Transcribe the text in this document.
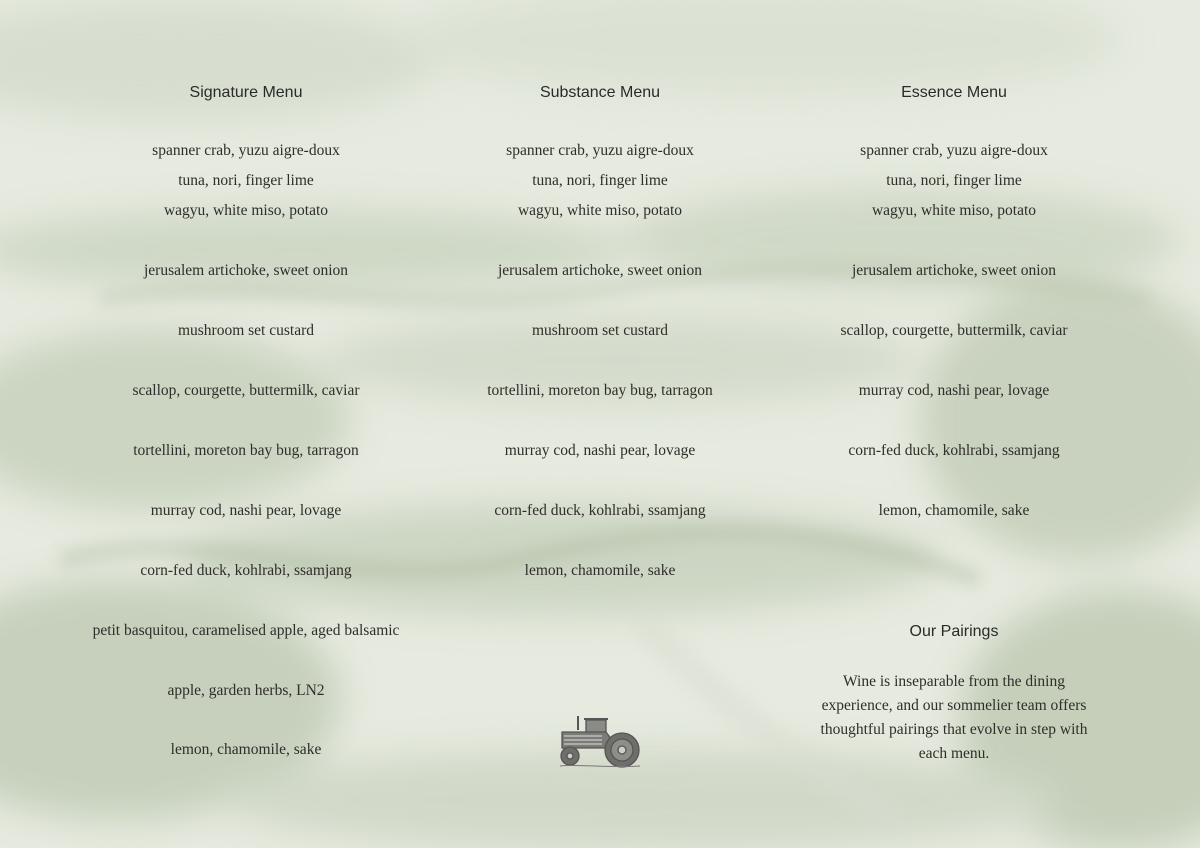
Signature Menu
spanner crab, yuzu aigre-doux
tuna, nori, finger lime
wagyu, white miso, potato
jerusalem artichoke, sweet onion
mushroom set custard
scallop, courgette, buttermilk, caviar
tortellini, moreton bay bug, tarragon
murray cod, nashi pear, lovage
corn-fed duck, kohlrabi, ssamjang
petit basquitou, caramelised apple, aged balsamic
apple, garden herbs, LN2
lemon, chamomile, sake
Substance Menu
spanner crab, yuzu aigre-doux
tuna, nori, finger lime
wagyu, white miso, potato
jerusalem artichoke, sweet onion
mushroom set custard
tortellini, moreton bay bug, tarragon
murray cod, nashi pear, lovage
corn-fed duck, kohlrabi, ssamjang
lemon, chamomile, sake
Essence Menu
spanner crab, yuzu aigre-doux
tuna, nori, finger lime
wagyu, white miso, potato
jerusalem artichoke, sweet onion
scallop, courgette, buttermilk, caviar
murray cod, nashi pear, lovage
corn-fed duck, kohlrabi, ssamjang
lemon, chamomile, sake
Our Pairings

Wine is inseparable from the dining experience, and our sommelier team offers thoughtful pairings that evolve in step with each menu.
